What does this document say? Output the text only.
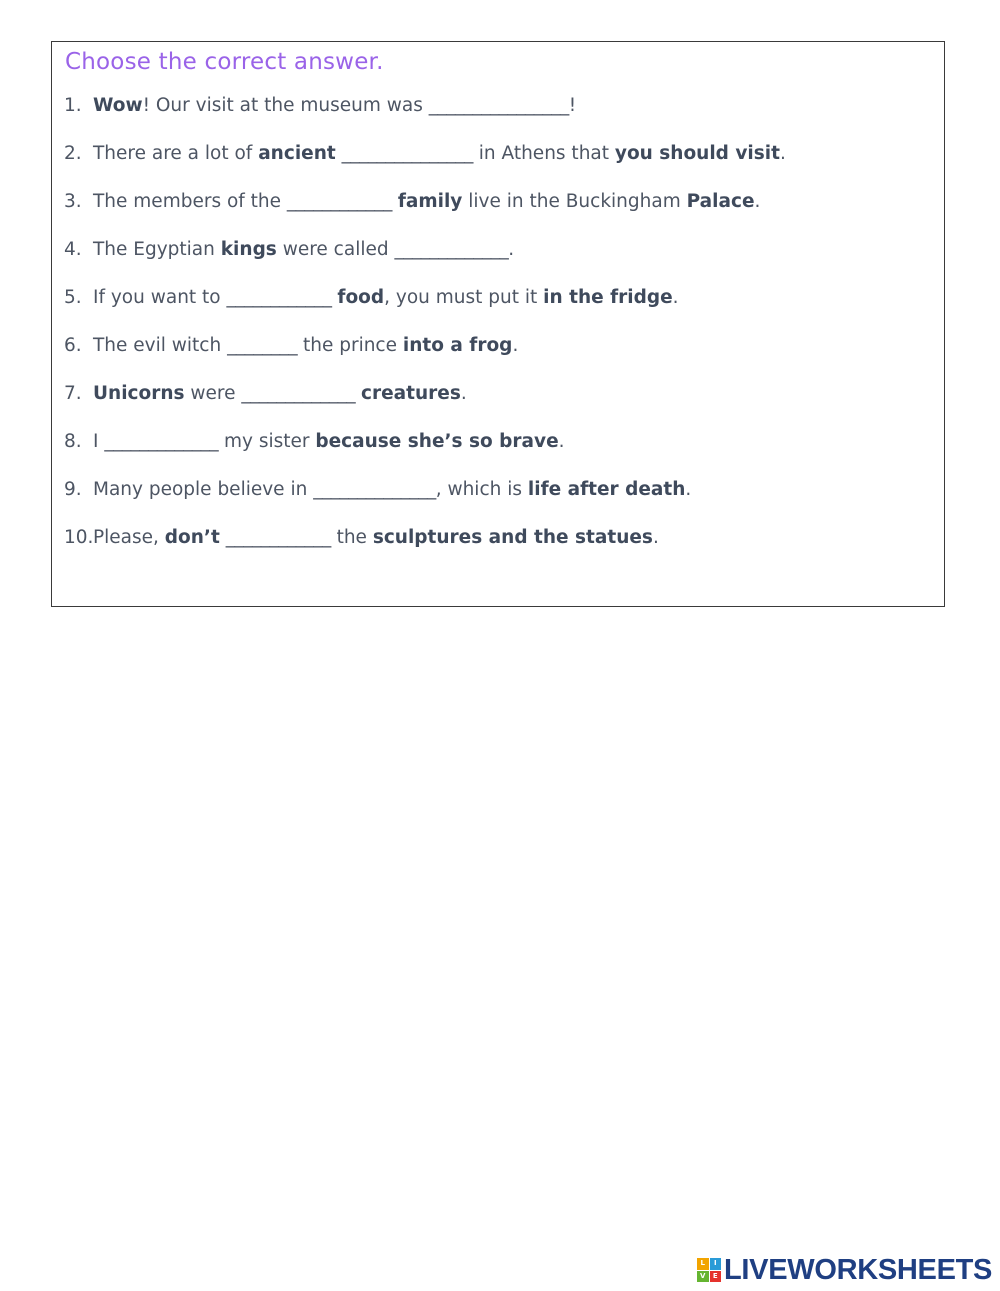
Choose the correct answer.
1. Wow! Our visit at the museum was ________________!
2. There are a lot of ancient _______________ in Athens that you should visit.
3. The members of the ____________ family live in the Buckingham Palace.
4. The Egyptian kings were called _____________.
5. If you want to ____________ food, you must put it in the fridge.
6. The evil witch ________ the prince into a frog.
7. Unicorns were _____________ creatures.
8. I _____________ my sister because she’s so brave.
9. Many people believe in ______________, which is life after death.
10. Please, don’t ____________ the sculptures and the statues.
L	I
V	E LIVEWORKSHEETS
